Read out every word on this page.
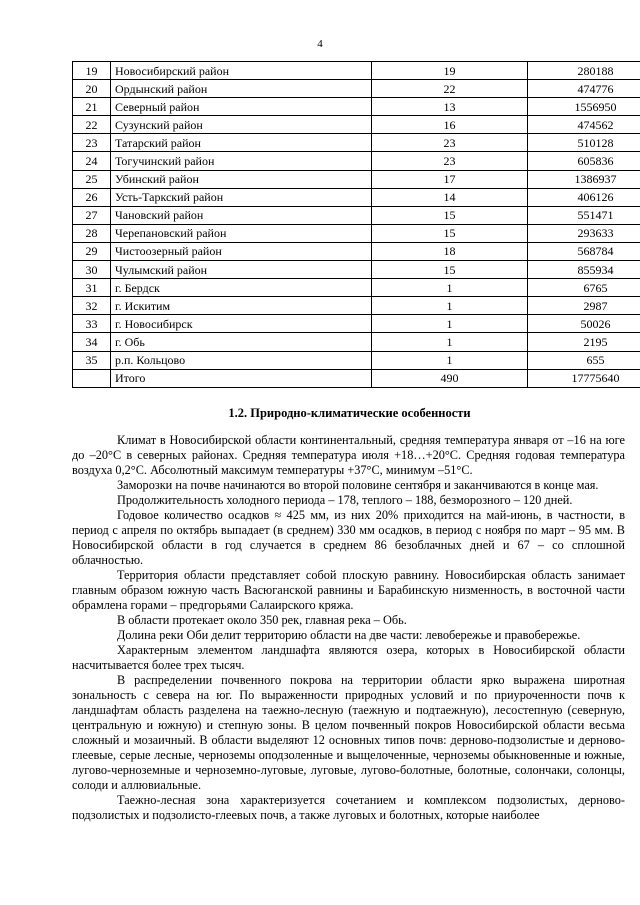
4
19	Новосибирский район	19	280188
20	Ордынский район	22	474776
21	Северный район	13	1556950
22	Сузунский район	16	474562
23	Татарский район	23	510128
24	Тогучинский район	23	605836
25	Убинский район	17	1386937
26	Усть-Таркский район	14	406126
27	Чановский район	15	551471
28	Черепановский район	15	293633
29	Чистоозерный район	18	568784
30	Чулымский район	15	855934
31	г. Бердск	1	6765
32	г. Искитим	1	2987
33	г. Новосибирск	1	50026
34	г. Обь	1	2195
35	р.п. Кольцово	1	655
	Итого	490	17775640
1.2. Природно-климатические особенности

Климат в Новосибирской области континентальный, средняя температура января от –16 на юге до –20°С в северных районах. Средняя температура июля +18…+20°С. Средняя годовая температура воздуха 0,2°С. Абсолютный максимум температуры +37°С, минимум –51°С.

Заморозки на почве начинаются во второй половине сентября и заканчиваются в конце мая.

Продолжительность холодного периода – 178, теплого – 188, безморозного – 120 дней.

Годовое количество осадков ≈ 425 мм, из них 20% приходится на май-июнь, в частности, в период с апреля по октябрь выпадает (в среднем) 330 мм осадков, в период с ноября по март – 95 мм. В Новосибирской области в год случается в среднем 86 безоблачных дней и 67 – со сплошной облачностью.

Территория области представляет собой плоскую равнину. Новосибирская область занимает главным образом южную часть Васюганской равнины и Барабинскую низменность, в восточной части обрамлена горами – предгорьями Салаирского кряжа.

В области протекает около 350 рек, главная река – Обь.

Долина реки Оби делит территорию области на две части: левобережье и правобережье.

Характерным элементом ландшафта являются озера, которых в Новосибирской области насчитывается более трех тысяч.

В распределении почвенного покрова на территории области ярко выражена широтная зональность с севера на юг. По выраженности природных условий и по приуроченности почв к ландшафтам область разделена на таежно-лесную (таежную и подтаежную), лесостепную (северную, центральную и южную) и степную зоны. В целом почвенный покров Новосибирской области весьма сложный и мозаичный. В области выделяют 12 основных типов почв: дерново-подзолистые и дерново-глеевые, серые лесные, черноземы оподзоленные и выщелоченные, черноземы обыкновенные и южные, лугово-черноземные и черноземно-луговые, луговые, лугово-болотные, болотные, солончаки, солонцы, солоди и аллювиальные.

Таежно-лесная зона характеризуется сочетанием и комплексом подзолистых, дерново-подзолистых и подзолисто-глеевых почв, а также луговых и болотных, которые наиболее
